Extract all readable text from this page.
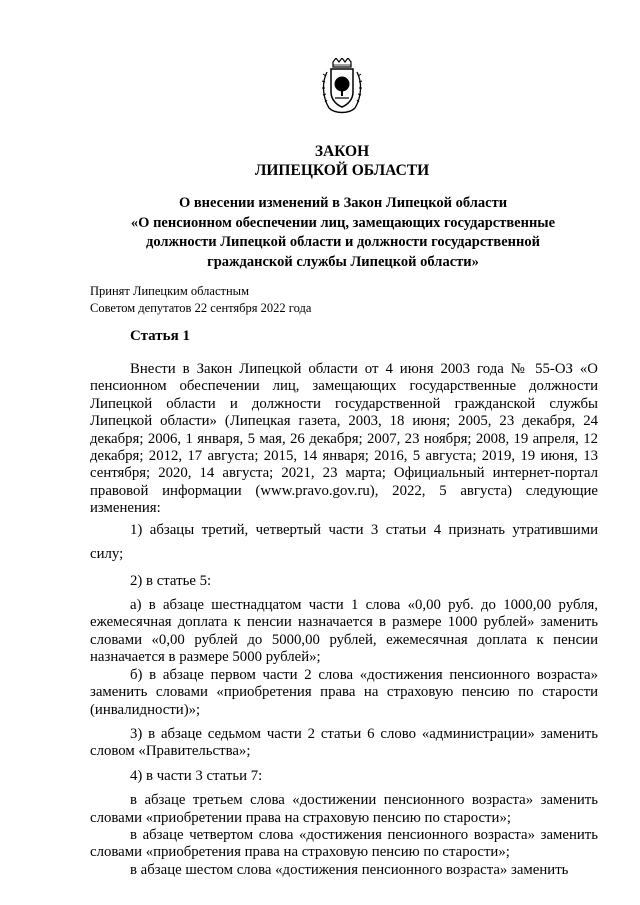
ЗАКОН
ЛИПЕЦКОЙ ОБЛАСТИ
О внесении изменений в Закон Липецкой области
«О пенсионном обеспечении лиц, замещающих государственные
должности Липецкой области и должности государственной
гражданской службы Липецкой области»
Принят Липецким областным
Советом депутатов 22 сентября 2022 года
Статья 1

Внести в Закон Липецкой области от 4 июня 2003 года № 55-ОЗ «О пенсионном обеспечении лиц, замещающих государственные должности Липецкой области и должности государственной гражданской службы Липецкой области» (Липецкая газета, 2003, 18 июня; 2005, 23 декабря, 24 декабря; 2006, 1 января, 5 мая, 26 декабря; 2007, 23 ноября; 2008, 19 апреля, 12 декабря; 2012, 17 августа; 2015, 14 января; 2016, 5 августа; 2019, 19 июня, 13 сентября; 2020, 14 августа; 2021, 23 марта; Официальный интернет-портал правовой информации (www.pravo.gov.ru), 2022, 5 августа) следующие изменения:

1) абзацы третий, четвертый части 3 статьи 4 признать утратившими силу;

2) в статье 5:

а) в абзаце шестнадцатом части 1 слова «0,00 руб. до 1000,00 рубля, ежемесячная доплата к пенсии назначается в размере 1000 рублей» заменить словами «0,00 рублей до 5000,00 рублей, ежемесячная доплата к пенсии назначается в размере 5000 рублей»;

б) в абзаце первом части 2 слова «достижения пенсионного возраста» заменить словами «приобретения права на страховую пенсию по старости (инвалидности)»;

3) в абзаце седьмом части 2 статьи 6 слово «администрации» заменить словом «Правительства»;

4) в части 3 статьи 7:

в абзаце третьем слова «достижении пенсионного возраста» заменить словами «приобретении права на страховую пенсию по старости»;

в абзаце четвертом слова «достижения пенсионного возраста» заменить словами «приобретения права на страховую пенсию по старости»;

в абзаце шестом слова «достижения пенсионного возраста» заменить
